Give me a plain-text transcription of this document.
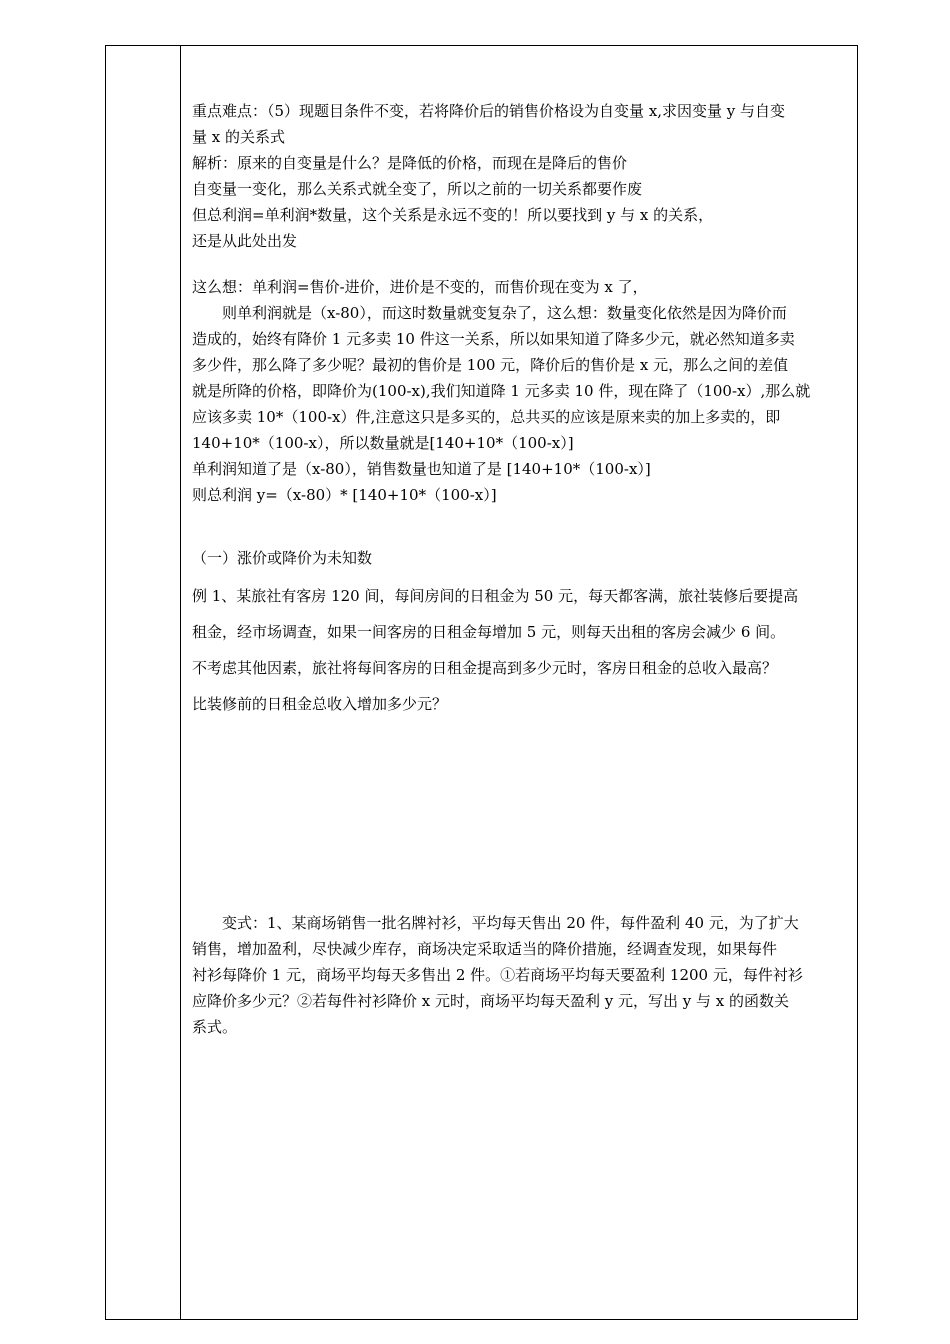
重点难点：（5）现题目条件不变，若将降价后的销售价格设为自变量 x,求因变量 y 与自变
量 x 的关系式
解析：原来的自变量是什么？是降低的价格，而现在是降后的售价
自变量一变化，那么关系式就全变了，所以之前的一切关系都要作废
但总利润=单利润*数量，这个关系是永远不变的！所以要找到 y 与 x 的关系，
还是从此处出发
这么想：单利润=售价-进价，进价是不变的，而售价现在变为 x 了，
　　则单利润就是（x-80），而这时数量就变复杂了，这么想：数量变化依然是因为降价而
造成的，始终有降价 1 元多卖 10 件这一关系，所以如果知道了降多少元，就必然知道多卖
多少件，那么降了多少呢？最初的售价是 100 元，降价后的售价是 x 元，那么之间的差值
就是所降的价格，即降价为(100-x),我们知道降 1 元多卖 10 件，现在降了（100-x）,那么就
应该多卖 10*（100-x）件,注意这只是多买的，总共买的应该是原来卖的加上多卖的，即
140+10*（100-x），所以数量就是[140+10*（100-x）]
单利润知道了是（x-80），销售数量也知道了是 [140+10*（100-x）]
则总利润 y=（x-80）* [140+10*（100-x）]
（一）涨价或降价为未知数
例 1、某旅社有客房 120 间，每间房间的日租金为 50 元，每天都客满，旅社装修后要提高
租金，经市场调查，如果一间客房的日租金每增加 5 元，则每天出租的客房会减少 6 间。
不考虑其他因素，旅社将每间客房的日租金提高到多少元时，客房日租金的总收入最高？
比装修前的日租金总收入增加多少元？
　　变式：1、某商场销售一批名牌衬衫，平均每天售出 20 件，每件盈利 40 元，为了扩大
销售，增加盈利，尽快减少库存，商场决定采取适当的降价措施，经调查发现，如果每件
衬衫每降价 1 元，商场平均每天多售出 2 件。①若商场平均每天要盈利 1200 元，每件衬衫
应降价多少元？②若每件衬衫降价 x 元时，商场平均每天盈利 y 元，写出 y 与 x 的函数关
系式。
